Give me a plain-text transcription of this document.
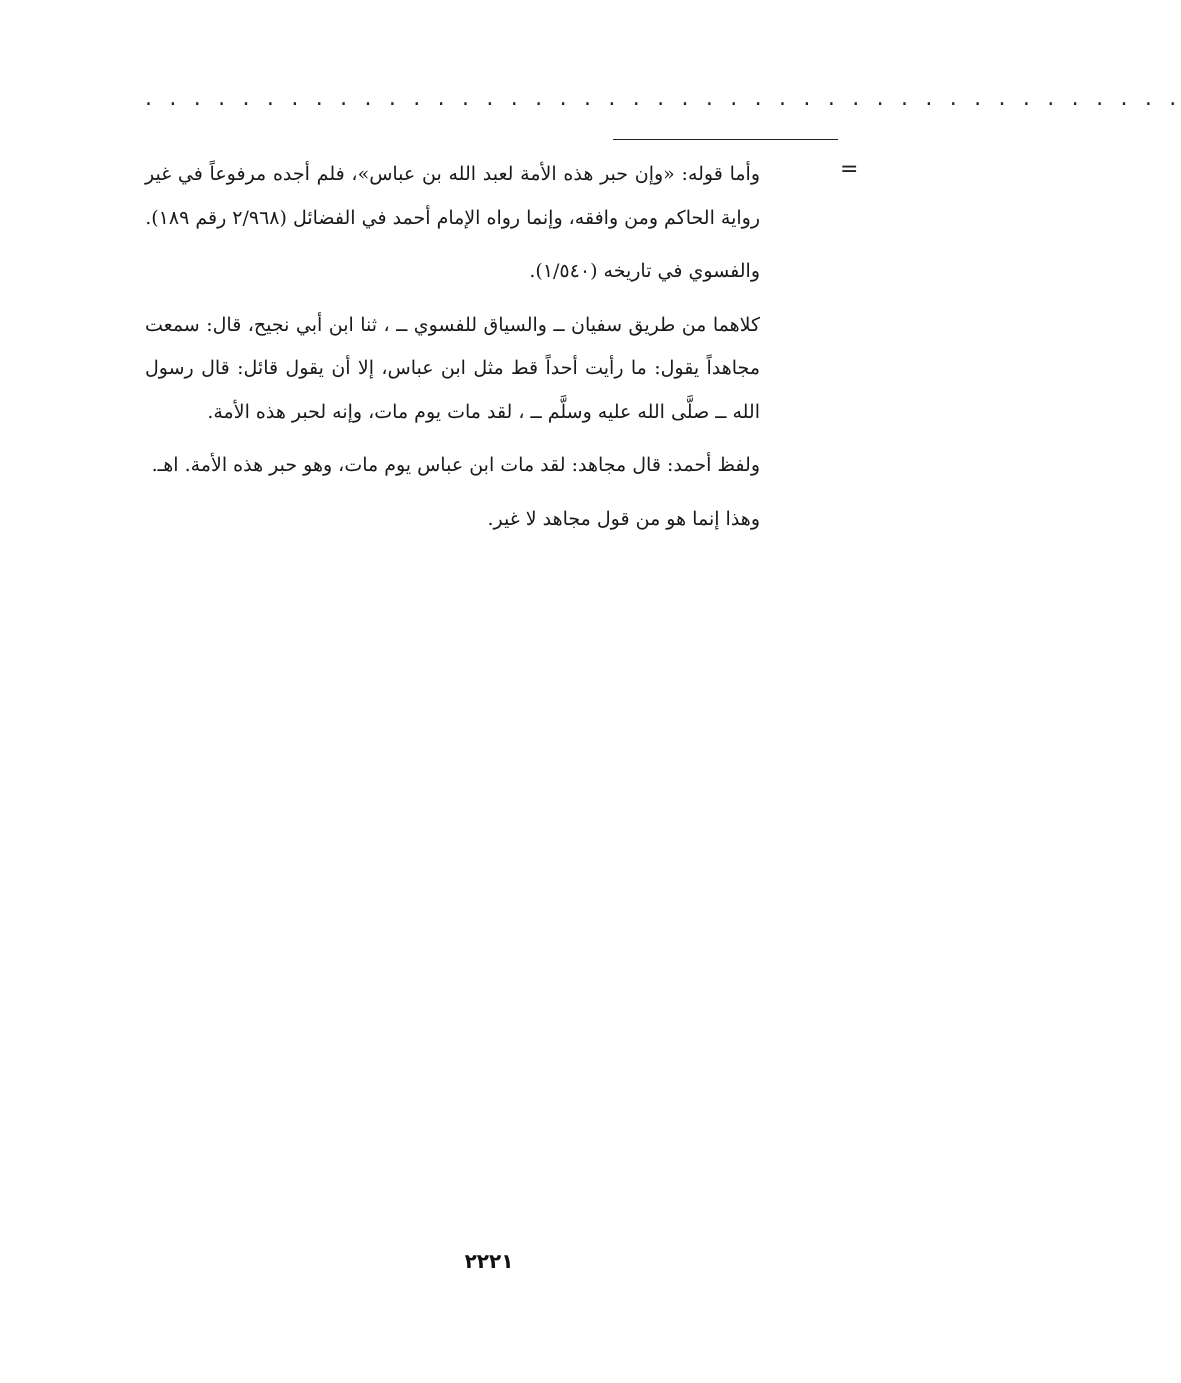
. . . . . . . . . . . . . . . . . . . . . . . . . . . . . . . . . . . . . . . . . . .
=

وأما قوله: «وإن حبر هذه الأمة لعبد الله بن عباس»، فلم أجده مرفوعاً في غير رواية الحاكم ومن وافقه، وإنما رواه الإمام أحمد في الفضائل (٢/٩٦٨ رقم ١٨٩).

والفسوي في تاريخه (١/٥٤٠).

كلاهما من طريق سفيان ــ والسياق للفسوي ــ ، ثنا ابن أبي نجيح، قال: سمعت مجاهداً يقول: ما رأيت أحداً قط مثل ابن عباس، إلا أن يقول قائل: قال رسول الله ــ صلَّى الله عليه وسلَّم ــ ، لقد مات يوم مات، وإنه لحبر هذه الأمة.

ولفظ أحمد: قال مجاهد: لقد مات ابن عباس يوم مات، وهو حبر هذه الأمة. اهـ.

وهذا إنما هو من قول مجاهد لا غير.

٢٢٢١
